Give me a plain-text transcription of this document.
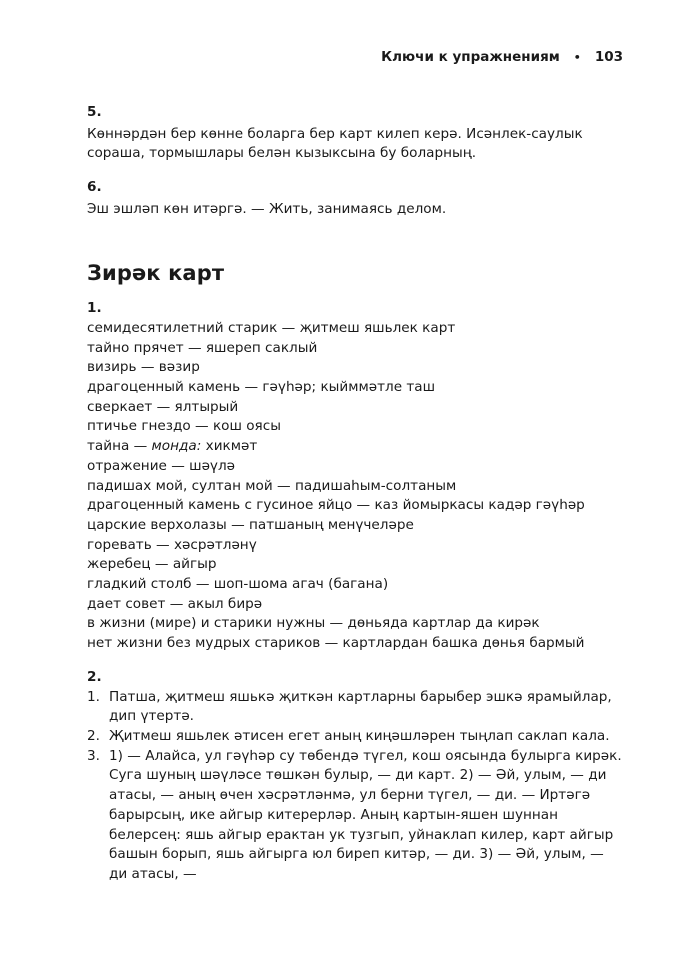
Ключи к упражнениям • 103

5.

Көннәрдән бер көнне боларга бер карт килеп керә. Исәнлек-саулык сораша, тормышлары белән кызыксына бу боларның.

6.

Эш эшләп көн итәргә. — Жить, занимаясь делом.

Зирәк карт

1.

семидесятилетний старик — җитмеш яшьлек карт
тайно прячет — яшереп саклый
визирь — вәзир
драгоценный камень — гәүһәр; кыйммәтле таш
сверкает — ялтырый
птичье гнездо — кош оясы
тайна — монда: хикмәт
отражение — шәүлә
падишах мой, султан мой — падишаһым-солтаным
драгоценный камень с гусиное яйцо — каз йомыркасы кадәр гәүһәр
царские верхолазы — патшаның менүчеләре
горевать — хәсрәтләнү
жеребец — айгыр
гладкий столб — шоп-шома агач (багана)
дает совет — акыл бирә
в жизни (мире) и старики нужны — дөньяда картлар да кирәк
нет жизни без мудрых стариков — картлардан башка дөнья бармый

2.

1. Патша, җитмеш яшькә җиткән картларны барыбер эшкә ярамыйлар, дип үтертә.
2. Җитмеш яшьлек әтисен егет аның киңәшләрен тыңлап саклап кала.
3. 1) — Алайса, ул гәүһәр су төбендә түгел, кош оясында булырга кирәк. Суга шуның шәүләсе төшкән булыр, — ди карт. 2) — Әй, улым, — ди атасы, — аның өчен хәсрәтләнмә, ул берни түгел, — ди. — Иртәгә барырсың, ике айгыр китерерләр. Аның картын-яшен шуннан белерсең: яшь айгыр ерактан ук тузгып, уйнаклап килер, карт айгыр башын борып, яшь айгырга юл биреп китәр, — ди. 3) — Әй, улым, — ди атасы, —
